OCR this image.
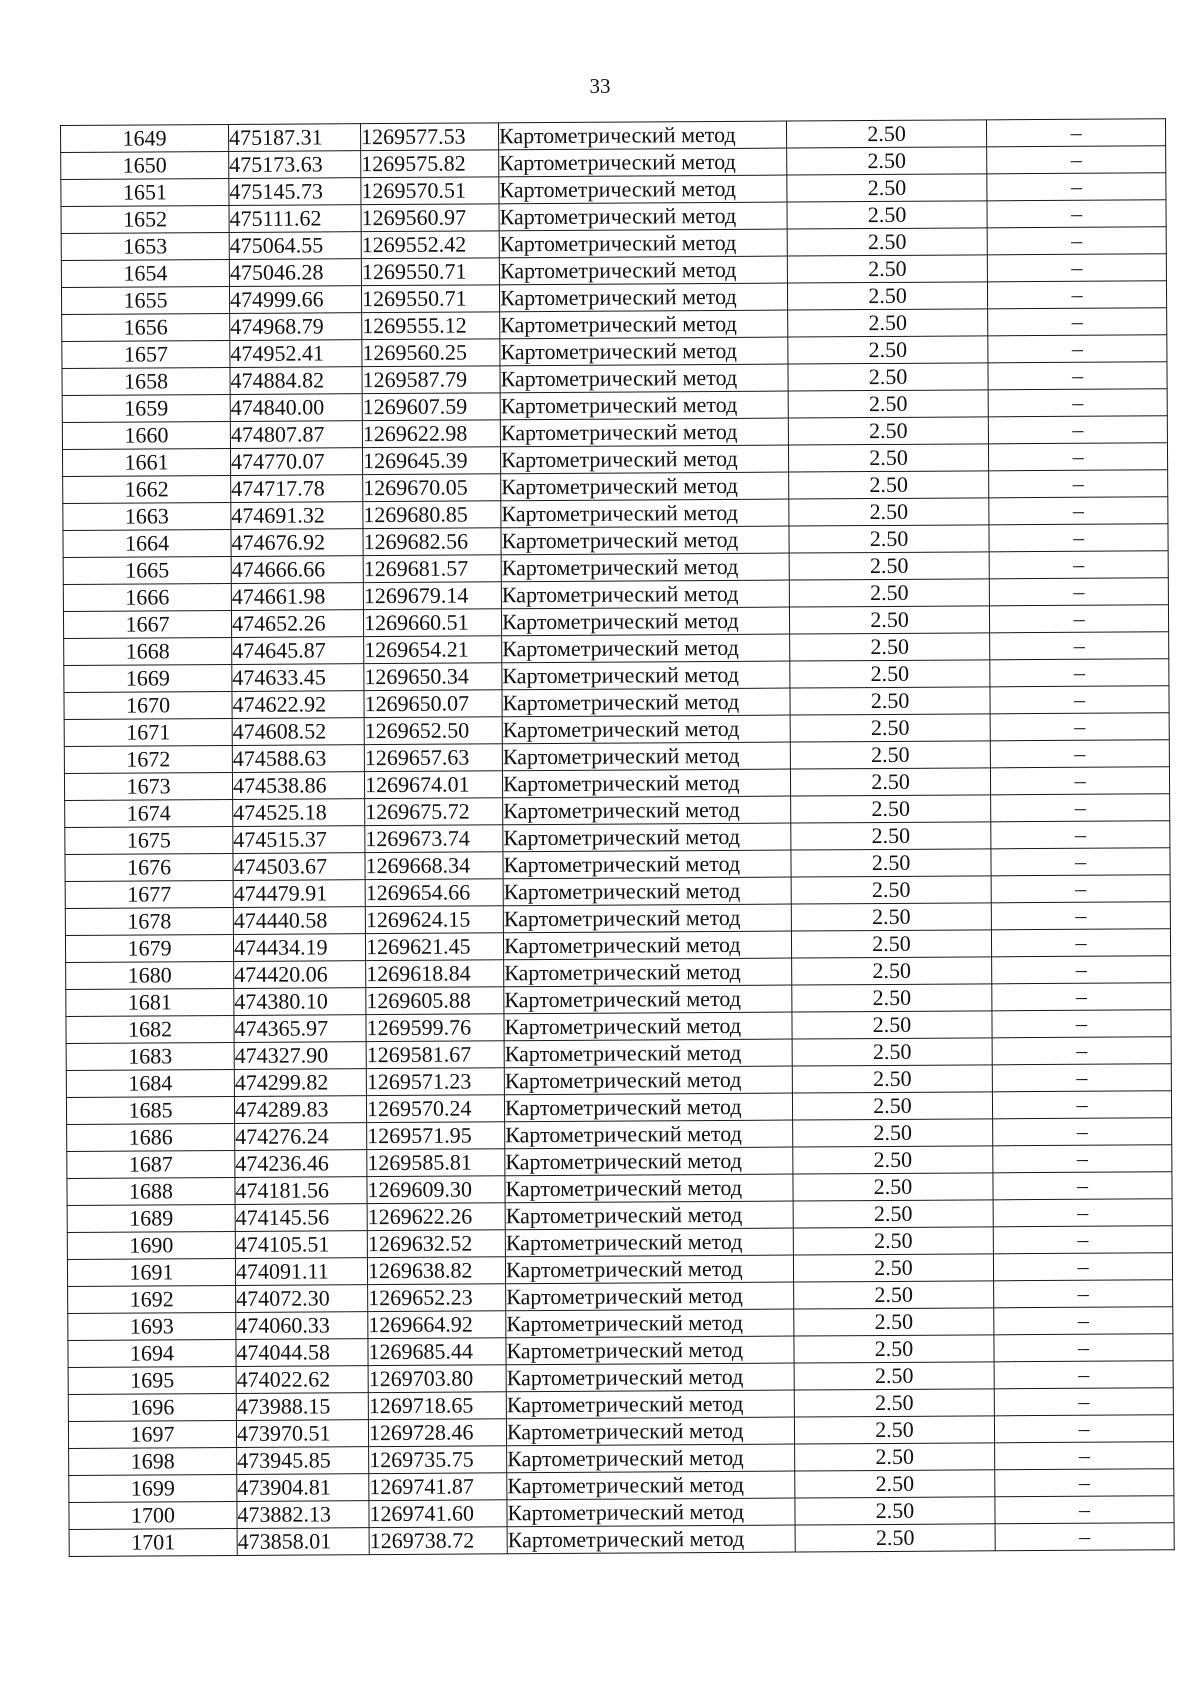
33
1649	475187.31	1269577.53	Картометрический метод	2.50	–
1650	475173.63	1269575.82	Картометрический метод	2.50	–
1651	475145.73	1269570.51	Картометрический метод	2.50	–
1652	475111.62	1269560.97	Картометрический метод	2.50	–
1653	475064.55	1269552.42	Картометрический метод	2.50	–
1654	475046.28	1269550.71	Картометрический метод	2.50	–
1655	474999.66	1269550.71	Картометрический метод	2.50	–
1656	474968.79	1269555.12	Картометрический метод	2.50	–
1657	474952.41	1269560.25	Картометрический метод	2.50	–
1658	474884.82	1269587.79	Картометрический метод	2.50	–
1659	474840.00	1269607.59	Картометрический метод	2.50	–
1660	474807.87	1269622.98	Картометрический метод	2.50	–
1661	474770.07	1269645.39	Картометрический метод	2.50	–
1662	474717.78	1269670.05	Картометрический метод	2.50	–
1663	474691.32	1269680.85	Картометрический метод	2.50	–
1664	474676.92	1269682.56	Картометрический метод	2.50	–
1665	474666.66	1269681.57	Картометрический метод	2.50	–
1666	474661.98	1269679.14	Картометрический метод	2.50	–
1667	474652.26	1269660.51	Картометрический метод	2.50	–
1668	474645.87	1269654.21	Картометрический метод	2.50	–
1669	474633.45	1269650.34	Картометрический метод	2.50	–
1670	474622.92	1269650.07	Картометрический метод	2.50	–
1671	474608.52	1269652.50	Картометрический метод	2.50	–
1672	474588.63	1269657.63	Картометрический метод	2.50	–
1673	474538.86	1269674.01	Картометрический метод	2.50	–
1674	474525.18	1269675.72	Картометрический метод	2.50	–
1675	474515.37	1269673.74	Картометрический метод	2.50	–
1676	474503.67	1269668.34	Картометрический метод	2.50	–
1677	474479.91	1269654.66	Картометрический метод	2.50	–
1678	474440.58	1269624.15	Картометрический метод	2.50	–
1679	474434.19	1269621.45	Картометрический метод	2.50	–
1680	474420.06	1269618.84	Картометрический метод	2.50	–
1681	474380.10	1269605.88	Картометрический метод	2.50	–
1682	474365.97	1269599.76	Картометрический метод	2.50	–
1683	474327.90	1269581.67	Картометрический метод	2.50	–
1684	474299.82	1269571.23	Картометрический метод	2.50	–
1685	474289.83	1269570.24	Картометрический метод	2.50	–
1686	474276.24	1269571.95	Картометрический метод	2.50	–
1687	474236.46	1269585.81	Картометрический метод	2.50	–
1688	474181.56	1269609.30	Картометрический метод	2.50	–
1689	474145.56	1269622.26	Картометрический метод	2.50	–
1690	474105.51	1269632.52	Картометрический метод	2.50	–
1691	474091.11	1269638.82	Картометрический метод	2.50	–
1692	474072.30	1269652.23	Картометрический метод	2.50	–
1693	474060.33	1269664.92	Картометрический метод	2.50	–
1694	474044.58	1269685.44	Картометрический метод	2.50	–
1695	474022.62	1269703.80	Картометрический метод	2.50	–
1696	473988.15	1269718.65	Картометрический метод	2.50	–
1697	473970.51	1269728.46	Картометрический метод	2.50	–
1698	473945.85	1269735.75	Картометрический метод	2.50	–
1699	473904.81	1269741.87	Картометрический метод	2.50	–
1700	473882.13	1269741.60	Картометрический метод	2.50	–
1701	473858.01	1269738.72	Картометрический метод	2.50	–
